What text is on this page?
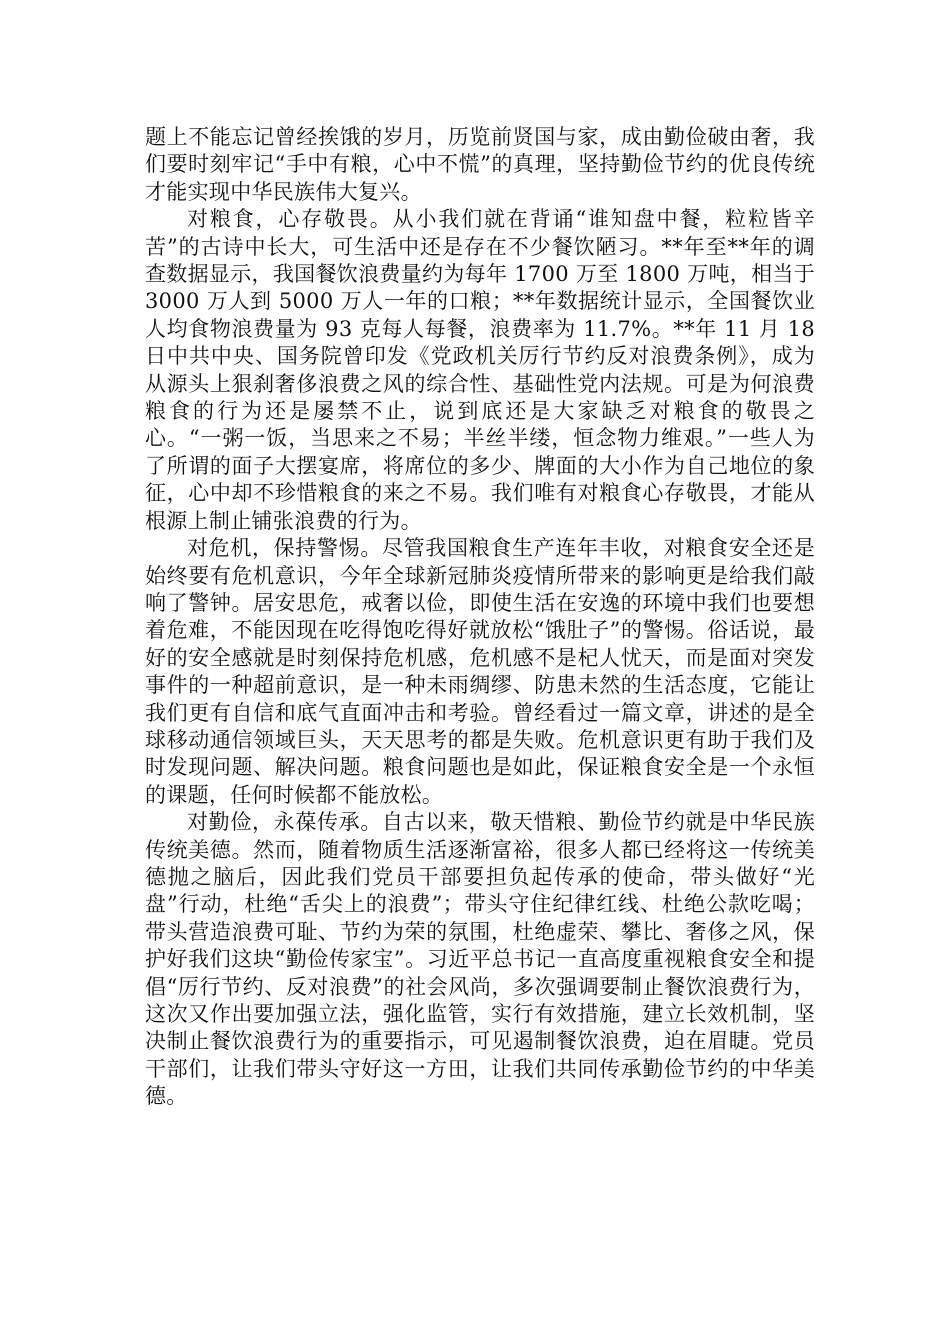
题上不能忘记曾经挨饿的岁月，历览前贤国与家，成由勤俭破由奢，我们要时刻牢记“手中有粮，心中不慌”的真理，坚持勤俭节约的优良传统才能实现中华民族伟大复兴。

对粮食，心存敬畏。从小我们就在背诵“谁知盘中餐，粒粒皆辛苦”的古诗中长大，可生活中还是存在不少餐饮陋习。**年至**年的调查数据显示，我国餐饮浪费量约为每年 1700 万至 1800 万吨，相当于 3000 万人到 5000 万人一年的口粮；**年数据统计显示，全国餐饮业人均食物浪费量为 93 克每人每餐，浪费率为 11.7%。**年 11 月 18 日中共中央、国务院曾印发《党政机关厉行节约反对浪费条例》，成为从源头上狠刹奢侈浪费之风的综合性、基础性党内法规。可是为何浪费粮食的行为还是屡禁不止，说到底还是大家缺乏对粮食的敬畏之心。“一粥一饭，当思来之不易；半丝半缕，恒念物力维艰。”一些人为了所谓的面子大摆宴席，将席位的多少、牌面的大小作为自己地位的象征，心中却不珍惜粮食的来之不易。我们唯有对粮食心存敬畏，才能从根源上制止铺张浪费的行为。

对危机，保持警惕。尽管我国粮食生产连年丰收，对粮食安全还是始终要有危机意识，今年全球新冠肺炎疫情所带来的影响更是给我们敲响了警钟。居安思危，戒奢以俭，即使生活在安逸的环境中我们也要想着危难，不能因现在吃得饱吃得好就放松“饿肚子”的警惕。俗话说，最好的安全感就是时刻保持危机感，危机感不是杞人忧天，而是面对突发事件的一种超前意识，是一种未雨绸缪、防患未然的生活态度，它能让我们更有自信和底气直面冲击和考验。曾经看过一篇文章，讲述的是全球移动通信领域巨头，天天思考的都是失败。危机意识更有助于我们及时发现问题、解决问题。粮食问题也是如此，保证粮食安全是一个永恒的课题，任何时候都不能放松。

对勤俭，永葆传承。自古以来，敬天惜粮、勤俭节约就是中华民族传统美德。然而，随着物质生活逐渐富裕，很多人都已经将这一传统美德抛之脑后，因此我们党员干部要担负起传承的使命，带头做好“光盘”行动，杜绝“舌尖上的浪费”；带头守住纪律红线、杜绝公款吃喝；带头营造浪费可耻、节约为荣的氛围，杜绝虚荣、攀比、奢侈之风，保护好我们这块“勤俭传家宝”。习近平总书记一直高度重视粮食安全和提倡“厉行节约、反对浪费”的社会风尚，多次强调要制止餐饮浪费行为，这次又作出要加强立法，强化监管，实行有效措施，建立长效机制，坚决制止餐饮浪费行为的重要指示，可见遏制餐饮浪费，迫在眉睫。党员干部们，让我们带头守好这一方田，让我们共同传承勤俭节约的中华美德。
